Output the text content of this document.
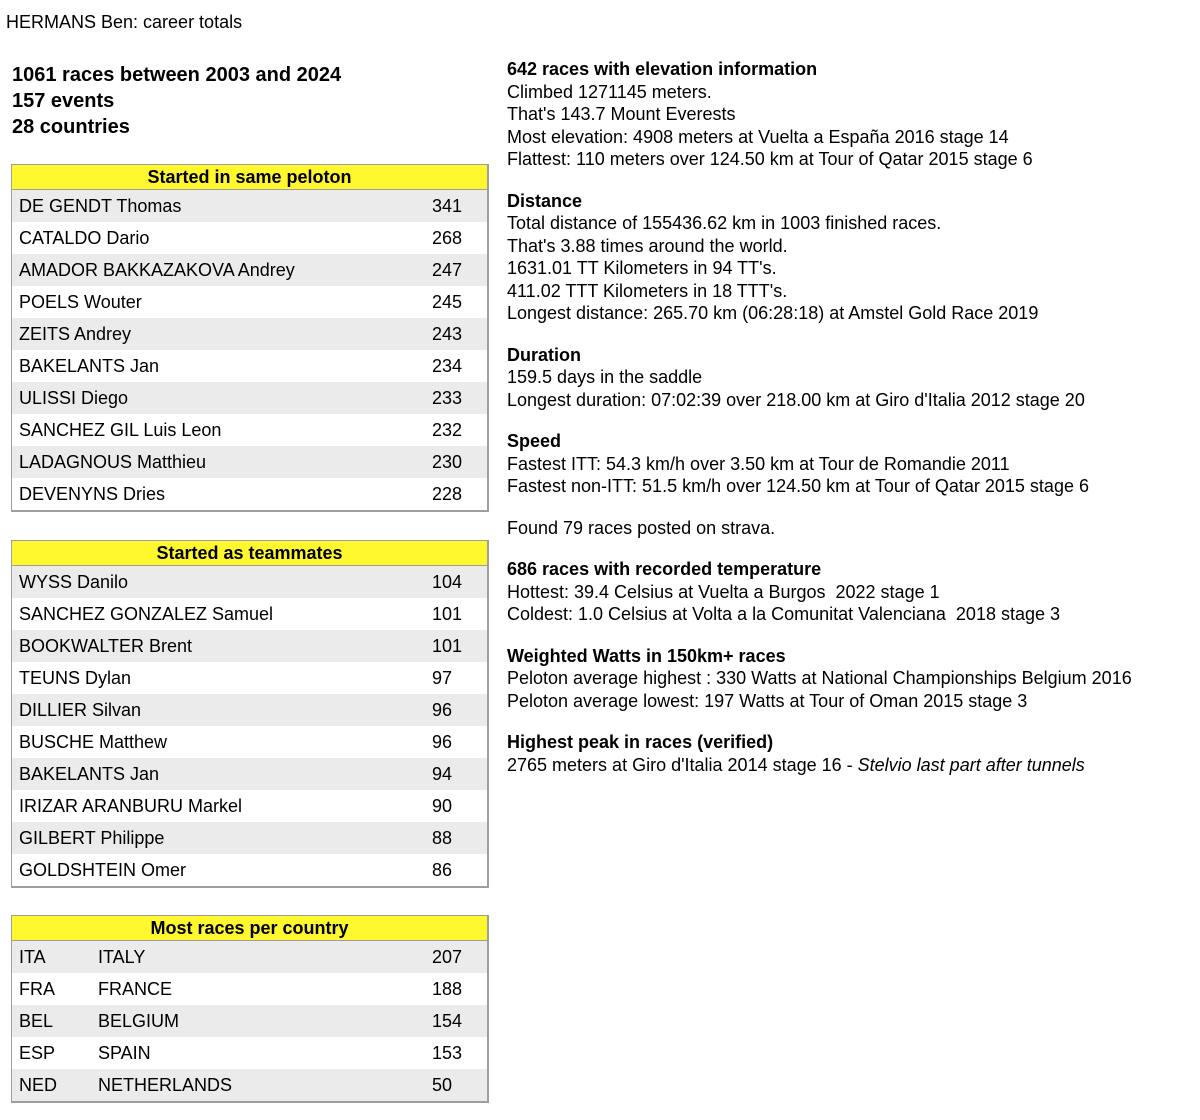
HERMANS Ben: career totals
1061 races between 2003 and 2024
157 events
28 countries
Started in same peloton
DE GENDT Thomas	341
CATALDO Dario	268
AMADOR BAKKAZAKOVA Andrey	247
POELS Wouter	245
ZEITS Andrey	243
BAKELANTS Jan	234
ULISSI Diego	233
SANCHEZ GIL Luis Leon	232
LADAGNOUS Matthieu	230
DEVENYNS Dries	228
Started as teammates
WYSS Danilo	104
SANCHEZ GONZALEZ Samuel	101
BOOKWALTER Brent	101
TEUNS Dylan	97
DILLIER Silvan	96
BUSCHE Matthew	96
BAKELANTS Jan	94
IRIZAR ARANBURU Markel	90
GILBERT Philippe	88
GOLDSHTEIN Omer	86
Most races per country
ITA	ITALY	207
FRA FRANCE	188
BEL BELGIUM	154
ESP SPAIN	153
NED NETHERLANDS	50
642 races with elevation information
Climbed 1271145 meters.
That's 143.7 Mount Everests
Most elevation: 4908 meters at Vuelta a España 2016 stage 14
Flattest: 110 meters over 124.50 km at Tour of Qatar 2015 stage 6
Distance
Total distance of 155436.62 km in 1003 finished races.
That's 3.88 times around the world.
1631.01 TT Kilometers in 94 TT's.
411.02 TTT Kilometers in 18 TTT's.
Longest distance: 265.70 km (06:28:18) at Amstel Gold Race 2019
Duration
159.5 days in the saddle
Longest duration: 07:02:39 over 218.00 km at Giro d'Italia 2012 stage 20
Speed
Fastest ITT: 54.3 km/h over 3.50 km at Tour de Romandie 2011
Fastest non-ITT: 51.5 km/h over 124.50 km at Tour of Qatar 2015 stage 6
Found 79 races posted on strava.
686 races with recorded temperature
Hottest: 39.4 Celsius at Vuelta a Burgos  2022 stage 1
Coldest: 1.0 Celsius at Volta a la Comunitat Valenciana  2018 stage 3
Weighted Watts in 150km+ races
Peloton average highest : 330 Watts at National Championships Belgium 2016
Peloton average lowest: 197 Watts at Tour of Oman 2015 stage 3
Highest peak in races (verified)
2765 meters at Giro d'Italia 2014 stage 16 - Stelvio last part after tunnels
